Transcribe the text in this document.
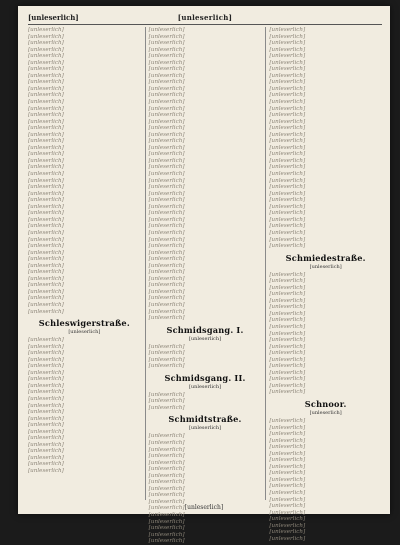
[unleserlich]	[unleserlich]
[unleserlich]
[unleserlich]
[unleserlich]
[unleserlich]
[unleserlich]
[unleserlich]
[unleserlich]
[unleserlich]
[unleserlich]
[unleserlich]
[unleserlich]
[unleserlich]
[unleserlich]
[unleserlich]
[unleserlich]
[unleserlich]
[unleserlich]
[unleserlich]
[unleserlich]
[unleserlich]
[unleserlich]
[unleserlich]
[unleserlich]
[unleserlich]
[unleserlich]
[unleserlich]
[unleserlich]
[unleserlich]
[unleserlich]
[unleserlich]
[unleserlich]
[unleserlich]
[unleserlich]
[unleserlich]
[unleserlich]
[unleserlich]
[unleserlich]
[unleserlich]
[unleserlich]
[unleserlich]
[unleserlich]
[unleserlich]
[unleserlich]
[unleserlich]
Schleswigerstraße.
[unleserlich]
[unleserlich]
[unleserlich]
[unleserlich]
[unleserlich]
[unleserlich]
[unleserlich]
[unleserlich]
[unleserlich]
[unleserlich]
[unleserlich]
[unleserlich]
[unleserlich]
[unleserlich]
[unleserlich]
[unleserlich]
[unleserlich]
[unleserlich]
[unleserlich]
[unleserlich]
[unleserlich]
[unleserlich]
[unleserlich]
[unleserlich]
[unleserlich]
[unleserlich]
[unleserlich]
[unleserlich]
[unleserlich]
[unleserlich]
[unleserlich]
[unleserlich]
[unleserlich]
[unleserlich]
[unleserlich]
[unleserlich]
[unleserlich]
[unleserlich]
[unleserlich]
[unleserlich]
[unleserlich]
[unleserlich]
[unleserlich]
[unleserlich]
[unleserlich]
[unleserlich]
[unleserlich]
[unleserlich]
[unleserlich]
[unleserlich]
[unleserlich]
[unleserlich]
[unleserlich]
[unleserlich]
[unleserlich]
[unleserlich]
[unleserlich]
[unleserlich]
[unleserlich]
[unleserlich]
[unleserlich]
[unleserlich]
[unleserlich]
[unleserlich]
[unleserlich]
[unleserlich]
[unleserlich]
Schmidsgang. I.
[unleserlich]
[unleserlich]
[unleserlich]
[unleserlich]
[unleserlich]
Schmidsgang. II.
[unleserlich]
[unleserlich]
[unleserlich]
[unleserlich]
Schmidtstraße.
[unleserlich]
[unleserlich]
[unleserlich]
[unleserlich]
[unleserlich]
[unleserlich]
[unleserlich]
[unleserlich]
[unleserlich]
[unleserlich]
[unleserlich]
[unleserlich]
[unleserlich]
[unleserlich]
[unleserlich]
[unleserlich]
[unleserlich]
[unleserlich]
[unleserlich]
[unleserlich]
[unleserlich]
[unleserlich]
[unleserlich]
[unleserlich]
[unleserlich]
[unleserlich]
[unleserlich]
[unleserlich]
[unleserlich]
[unleserlich]
[unleserlich]
[unleserlich]
[unleserlich]
[unleserlich]
[unleserlich]
[unleserlich]
[unleserlich]
[unleserlich]
[unleserlich]
[unleserlich]
[unleserlich]
[unleserlich]
[unleserlich]
[unleserlich]
[unleserlich]
[unleserlich]
[unleserlich]
[unleserlich]
[unleserlich]
[unleserlich]
[unleserlich]
[unleserlich]
Schmiedestraße.
[unleserlich]
[unleserlich]
[unleserlich]
[unleserlich]
[unleserlich]
[unleserlich]
[unleserlich]
[unleserlich]
[unleserlich]
[unleserlich]
[unleserlich]
[unleserlich]
[unleserlich]
[unleserlich]
[unleserlich]
[unleserlich]
[unleserlich]
[unleserlich]
[unleserlich]
[unleserlich]
Schnoor.
[unleserlich]
[unleserlich]
[unleserlich]
[unleserlich]
[unleserlich]
[unleserlich]
[unleserlich]
[unleserlich]
[unleserlich]
[unleserlich]
[unleserlich]
[unleserlich]
[unleserlich]
[unleserlich]
[unleserlich]
[unleserlich]
[unleserlich]
[unleserlich]
[unleserlich]
[unleserlich]
[unleserlich]
